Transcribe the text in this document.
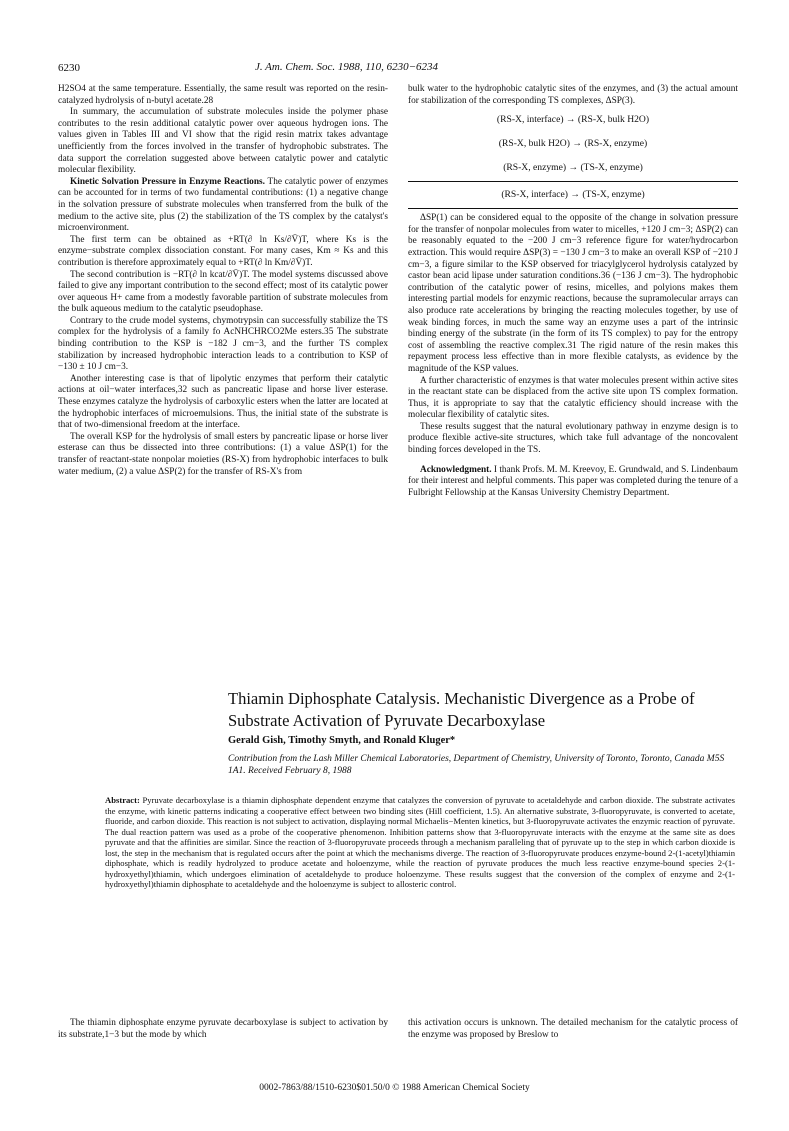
6230	J. Am. Chem. Soc. 1988, 110, 6230−6234

H2SO4 at the same temperature. Essentially, the same result was reported on the resin-catalyzed hydrolysis of n-butyl acetate.28

In summary, the accumulation of substrate molecules inside the polymer phase contributes to the resin additional catalytic power over aqueous hydrogen ions. The values given in Tables III and VI show that the rigid resin matrix takes advantage unefficiently from the forces involved in the transfer of hydrophobic substrates. The data support the correlation suggested above between catalytic power and catalytic molecular flexibility.

Kinetic Solvation Pressure in Enzyme Reactions. The catalytic power of enzymes can be accounted for in terms of two fundamental contributions: (1) a negative change in the solvation pressure of substrate molecules when transferred from the bulk of the medium to the active site, plus (2) the stabilization of the TS complex by the catalyst's microenvironment.

The first term can be obtained as +RT(∂ ln Ks/∂V̄)T, where Ks is the enzyme−substrate complex dissociation constant. For many cases, Km ≈ Ks and this contribution is therefore approximately equal to +RT(∂ ln Km/∂V̄)T.

The second contribution is −RT(∂ ln kcat/∂V̄)T. The model systems discussed above failed to give any important contribution to the second effect; most of its catalytic power over aqueous H+ came from a modestly favorable partition of substrate molecules from the bulk aqueous medium to the catalytic pseudophase.

Contrary to the crude model systems, chymotrypsin can successfully stabilize the TS complex for the hydrolysis of a family fo AcNHCHRCO2Me esters.35 The substrate binding contribution to the KSP is −182 J cm−3, and the further TS complex stabilization by increased hydrophobic interaction leads to a contribution to KSP of −130 ± 10 J cm−3.

Another interesting case is that of lipolytic enzymes that perform their catalytic actions at oil−water interfaces,32 such as pancreatic lipase and horse liver esterase. These enzymes catalyze the hydrolysis of carboxylic esters when the latter are located at the hydrophobic interfaces of microemulsions. Thus, the initial state of the substrate is that of two-dimensional freedom at the interface.

The overall KSP for the hydrolysis of small esters by pancreatic lipase or horse liver esterase can thus be dissected into three contributions: (1) a value ΔSP(1) for the transfer of reactant-state nonpolar moieties (RS-X) from hydrophobic interfaces to bulk water medium, (2) a value ΔSP(2) for the transfer of RS-X's from

bulk water to the hydrophobic catalytic sites of the enzymes, and (3) the actual amount for stabilization of the corresponding TS complexes, ΔSP(3).

(RS-X, interface) → (RS-X, bulk H2O)
(RS-X, bulk H2O) → (RS-X, enzyme)
(RS-X, enzyme) → (TS-X, enzyme)
(RS-X, interface) → (TS-X, enzyme)

ΔSP(1) can be considered equal to the opposite of the change in solvation pressure for the transfer of nonpolar molecules from water to micelles, +120 J cm−3; ΔSP(2) can be reasonably equated to the −200 J cm−3 reference figure for water/hydrocarbon extraction. This would require ΔSP(3) = −130 J cm−3 to make an overall KSP of −210 J cm−3, a figure similar to the KSP observed for triacylglycerol hydrolysis catalyzed by castor bean acid lipase under saturation conditions.36 (−136 J cm−3). The hydrophobic contribution of the catalytic power of resins, micelles, and polyions makes them interesting partial models for enzymic reactions, because the supramolecular arrays can also produce rate accelerations by bringing the reacting molecules together, by use of weak binding forces, in much the same way an enzyme uses a part of the intrinsic binding energy of the substrate (in the form of its TS complex) to pay for the entropy cost of assembling the reactive complex.31 The rigid nature of the resin makes this repayment process less effective than in more flexible catalysts, as evidence by the magnitude of the KSP values.

A further characteristic of enzymes is that water molecules present within active sites in the reactant state can be displaced from the active site upon TS complex formation. Thus, it is appropriate to say that the catalytic efficiency should increase with the molecular flexibility of catalytic sites.

These results suggest that the natural evolutionary pathway in enzyme design is to produce flexible active-site structures, which take full advantage of the noncovalent binding forces developed in the TS.

Acknowledgment. I thank Profs. M. M. Kreevoy, E. Grundwald, and S. Lindenbaum for their interest and helpful comments. This paper was completed during the tenure of a Fulbright Fellowship at the Kansas University Chemistry Department.

Thiamin Diphosphate Catalysis. Mechanistic Divergence as a Probe of Substrate Activation of Pyruvate Decarboxylase
Gerald Gish, Timothy Smyth, and Ronald Kluger*
Contribution from the Lash Miller Chemical Laboratories, Department of Chemistry, University of Toronto, Toronto, Canada M5S 1A1. Received February 8, 1988
Abstract: Pyruvate decarboxylase is a thiamin diphosphate dependent enzyme that catalyzes the conversion of pyruvate to acetaldehyde and carbon dioxide. The substrate activates the enzyme, with kinetic patterns indicating a cooperative effect between two binding sites (Hill coefficient, 1.5). An alternative substrate, 3-fluoropyruvate, is converted to acetate, fluoride, and carbon dioxide. This reaction is not subject to activation, displaying normal Michaelis−Menten kinetics, but 3-fluoropyruvate activates the enzymic reaction of pyruvate. The dual reaction pattern was used as a probe of the cooperative phenomenon. Inhibition patterns show that 3-fluoropyruvate interacts with the enzyme at the same site as does pyruvate and that the affinities are similar. Since the reaction of 3-fluoropyruvate proceeds through a mechanism paralleling that of pyruvate up to the step in which carbon dioxide is lost, the step in the mechanism that is regulated occurs after the point at which the mechanisms diverge. The reaction of 3-fluoropyruvate produces enzyme-bound 2-(1-acetyl)thiamin diphosphate, which is readily hydrolyzed to produce acetate and holoenzyme, while the reaction of pyruvate produces the much less reactive enzyme-bound species 2-(1-hydroxyethyl)thiamin, which undergoes elimination of acetaldehyde to produce holoenzyme. These results suggest that the conversion of the complex of enzyme and 2-(1-hydroxyethyl)thiamin diphosphate to acetaldehyde and the holoenzyme is subject to allosteric control.

The thiamin diphosphate enzyme pyruvate decarboxylase is subject to activation by its substrate,1−3 but the mode by which

this activation occurs is unknown. The detailed mechanism for the catalytic process of the enzyme was proposed by Breslow to

0002-7863/88/1510-6230$01.50/0 © 1988 American Chemical Society
